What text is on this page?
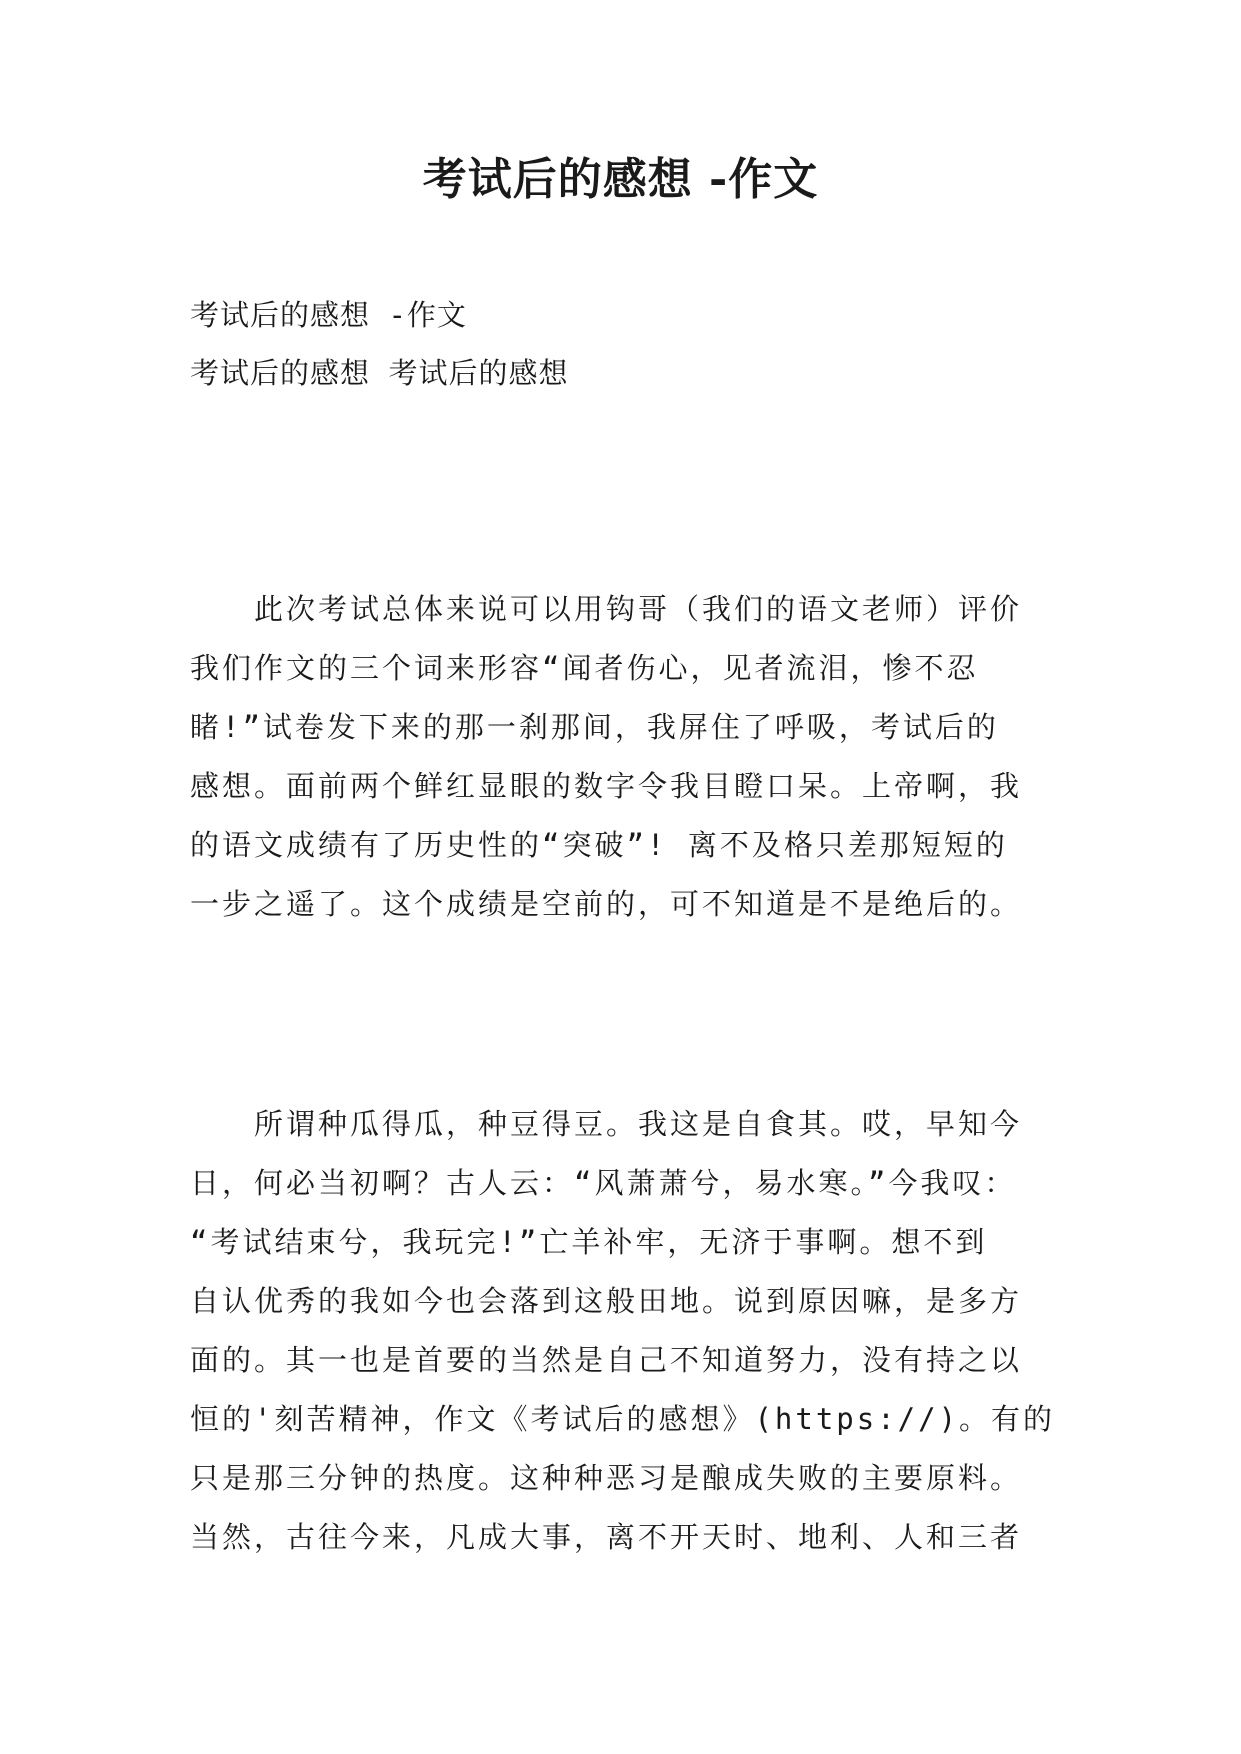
考试后的感想 -作文

考试后的感想 -作文

考试后的感想 考试后的感想

此次考试总体来说可以用钩哥（我们的语文老师）评价
我们作文的三个词来形容“闻者伤心，见者流泪，惨不忍
睹!”试卷发下来的那一刹那间，我屏住了呼吸，考试后的
感想。面前两个鲜红显眼的数字令我目瞪口呆。上帝啊，我
的语文成绩有了历史性的“突破”! 离不及格只差那短短的
一步之遥了。这个成绩是空前的，可不知道是不是绝后的。
所谓种瓜得瓜，种豆得豆。我这是自食其。哎，早知今
日，何必当初啊？古人云：“风萧萧兮，易水寒。”今我叹：
“考试结束兮，我玩完!”亡羊补牢，无济于事啊。想不到
自认优秀的我如今也会落到这般田地。说到原因嘛，是多方
面的。其一也是首要的当然是自己不知道努力，没有持之以
恒的'刻苦精神，作文《考试后的感想》(https://)。有的
只是那三分钟的热度。这种种恶习是酿成失败的主要原料。
当然，古往今来，凡成大事，离不开天时、地利、人和三者
